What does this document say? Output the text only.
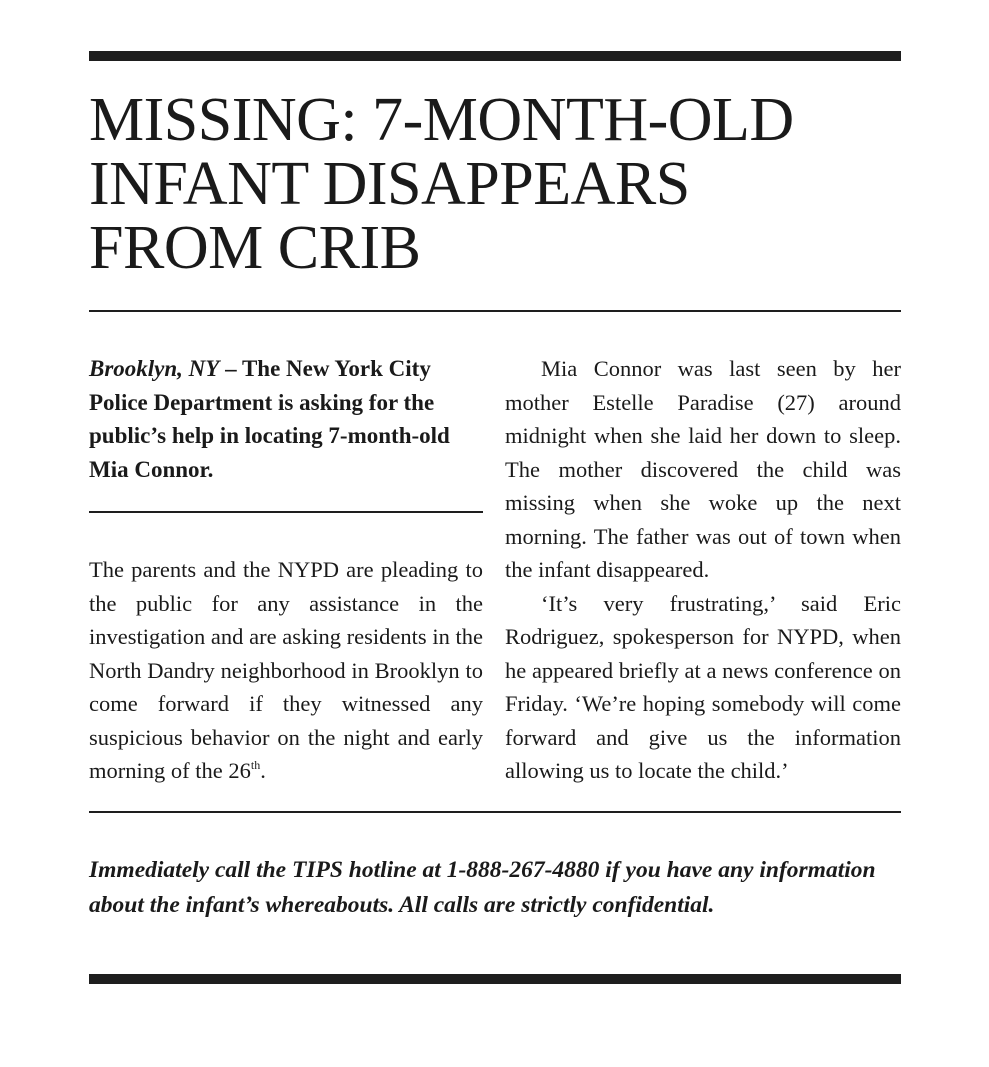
MISSING: 7-MONTH-OLD
INFANT DISAPPEARS
FROM CRIB

Brooklyn, NY – The New York City Police Department is asking for the public’s help in locating 7-month-old Mia Connor.

The parents and the NYPD are pleading to the public for any assistance in the investigation and are asking residents in the North Dandry neighborhood in Brooklyn to come forward if they witnessed any suspicious behavior on the night and early morning of the 26th.

Mia Connor was last seen by her mother Estelle Paradise (27) around midnight when she laid her down to sleep. The mother discovered the child was missing when she woke up the next morning. The father was out of town when the infant disappeared.

‘It’s very frustrating,’ said Eric Rodriguez, spokesperson for NYPD, when he appeared briefly at a news conference on Friday. ‘We’re hoping somebody will come forward and give us the information allowing us to locate the child.’

Immediately call the TIPS hotline at 1-888-267-4880 if you have any information about the infant’s whereabouts. All calls are strictly confidential.
